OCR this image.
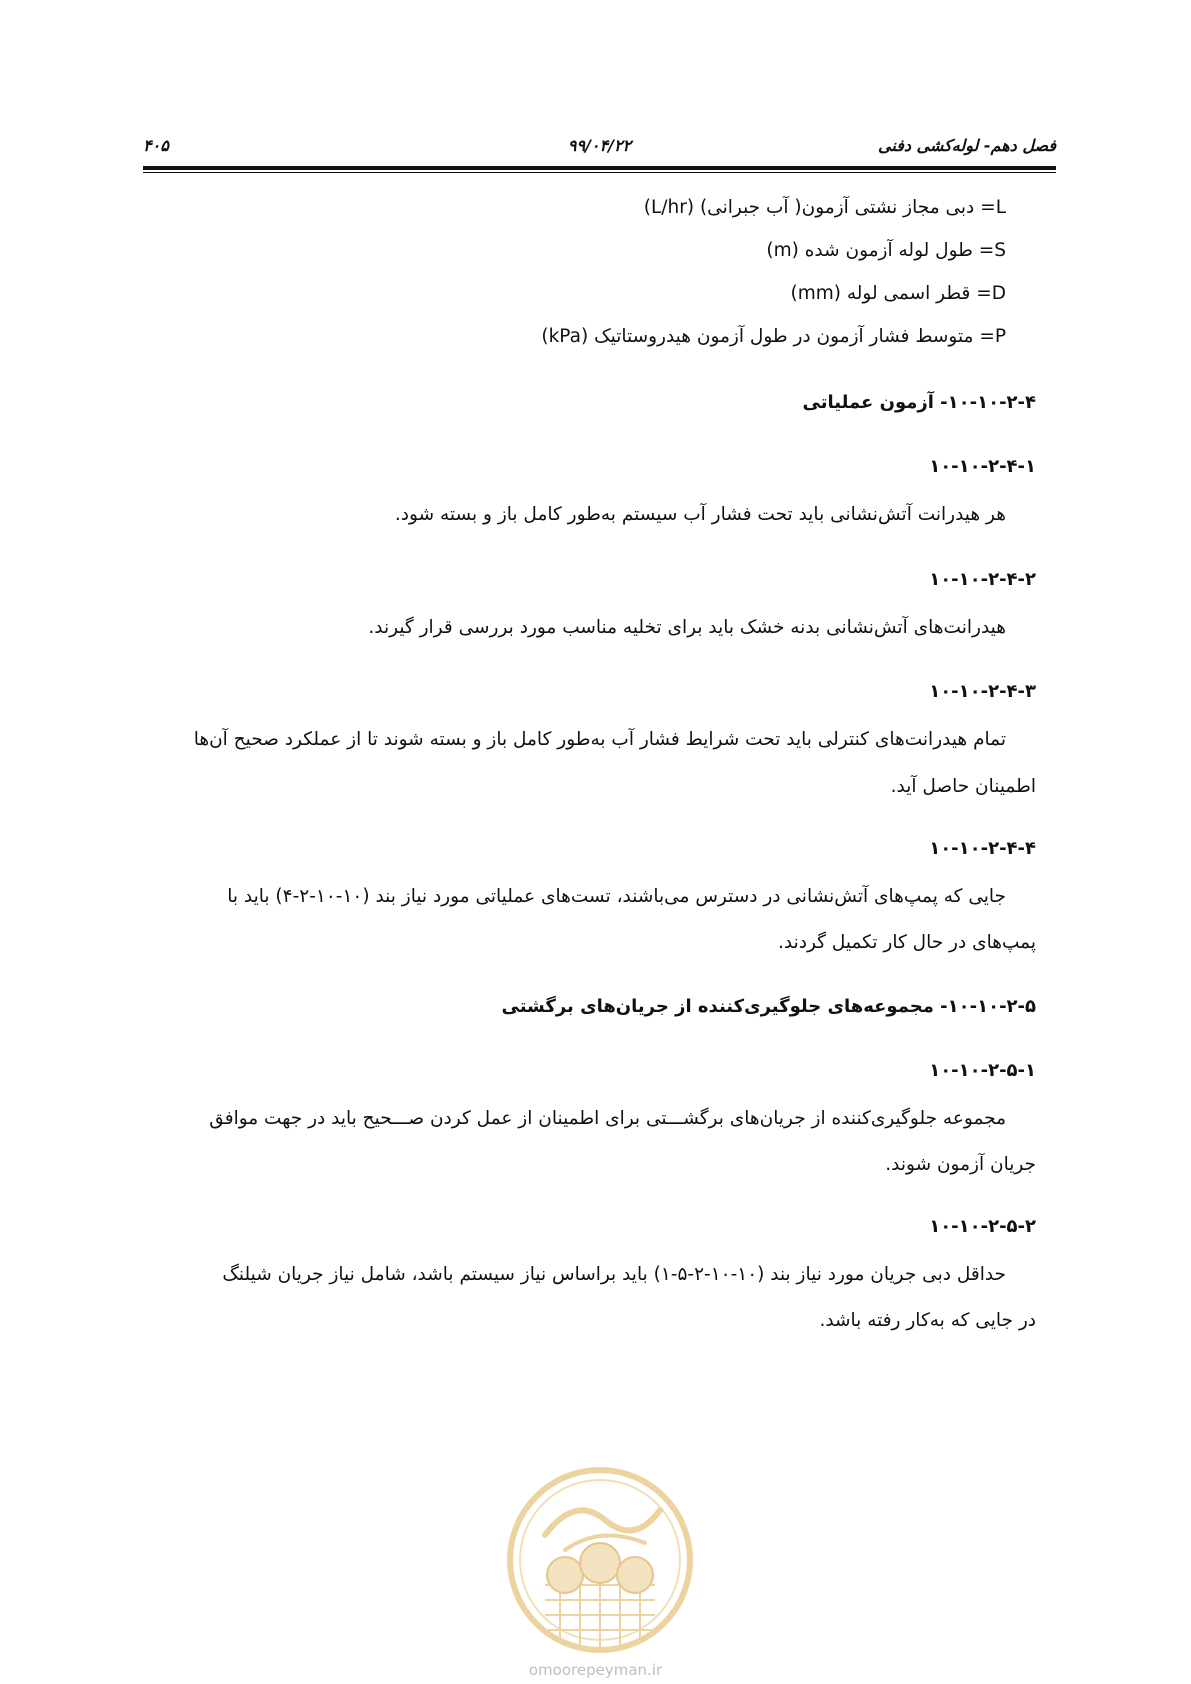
فصل دهم- لوله‌کشی دفنی
۹۹/۰۴/۲۲
۴۰۵
L= دبی مجاز نشتی آزمون( آب جبرانی) (L/hr)
S= طول لوله آزمون شده (m)
D= قطر اسمی لوله (mm)
P= متوسط فشار آزمون در طول آزمون هیدروستاتیک (kPa)
۱۰-۱۰-۲-۴- آزمون عملیاتی
۱۰-۱۰-۲-۴-۱
هر هیدرانت آتش‌نشانی باید تحت فشار آب سیستم به‌طور کامل باز و بسته شود.
۱۰-۱۰-۲-۴-۲
هیدرانت‌های آتش‌نشانی بدنه خشک باید برای تخلیه مناسب مورد بررسی قرار گیرند.
۱۰-۱۰-۲-۴-۳
تمام هیدرانت‌های کنترلی باید تحت شرایط فشار آب به‌طور کامل باز و بسته شوند تا از عملکرد صحیح آن‌ها
اطمینان حاصل آید.
۱۰-۱۰-۲-۴-۴
جایی که پمپ‌های آتش‌نشانی در دسترس می‌باشند، تست‌های عملیاتی مورد نیاز بند (۱۰-۱۰-۲-۴) باید با
پمپ‌های در حال کار تکمیل گردند.
۱۰-۱۰-۲-۵- مجموعه‌های جلوگیری‌کننده از جریان‌های برگشتی
۱۰-۱۰-۲-۵-۱
مجموعه جلوگیری‌کننده از جریان‌های برگشـــتی برای اطمینان از عمل کردن صـــحیح باید در جهت موافق
جریان آزمون شوند.
۱۰-۱۰-۲-۵-۲
حداقل دبی جریان مورد نیاز بند (۱۰-۱۰-۲-۵-۱) باید براساس نیاز سیستم باشد، شامل نیاز جریان شیلنگ
در جایی که به‌کار رفته باشد.
omoorepeyman.ir
